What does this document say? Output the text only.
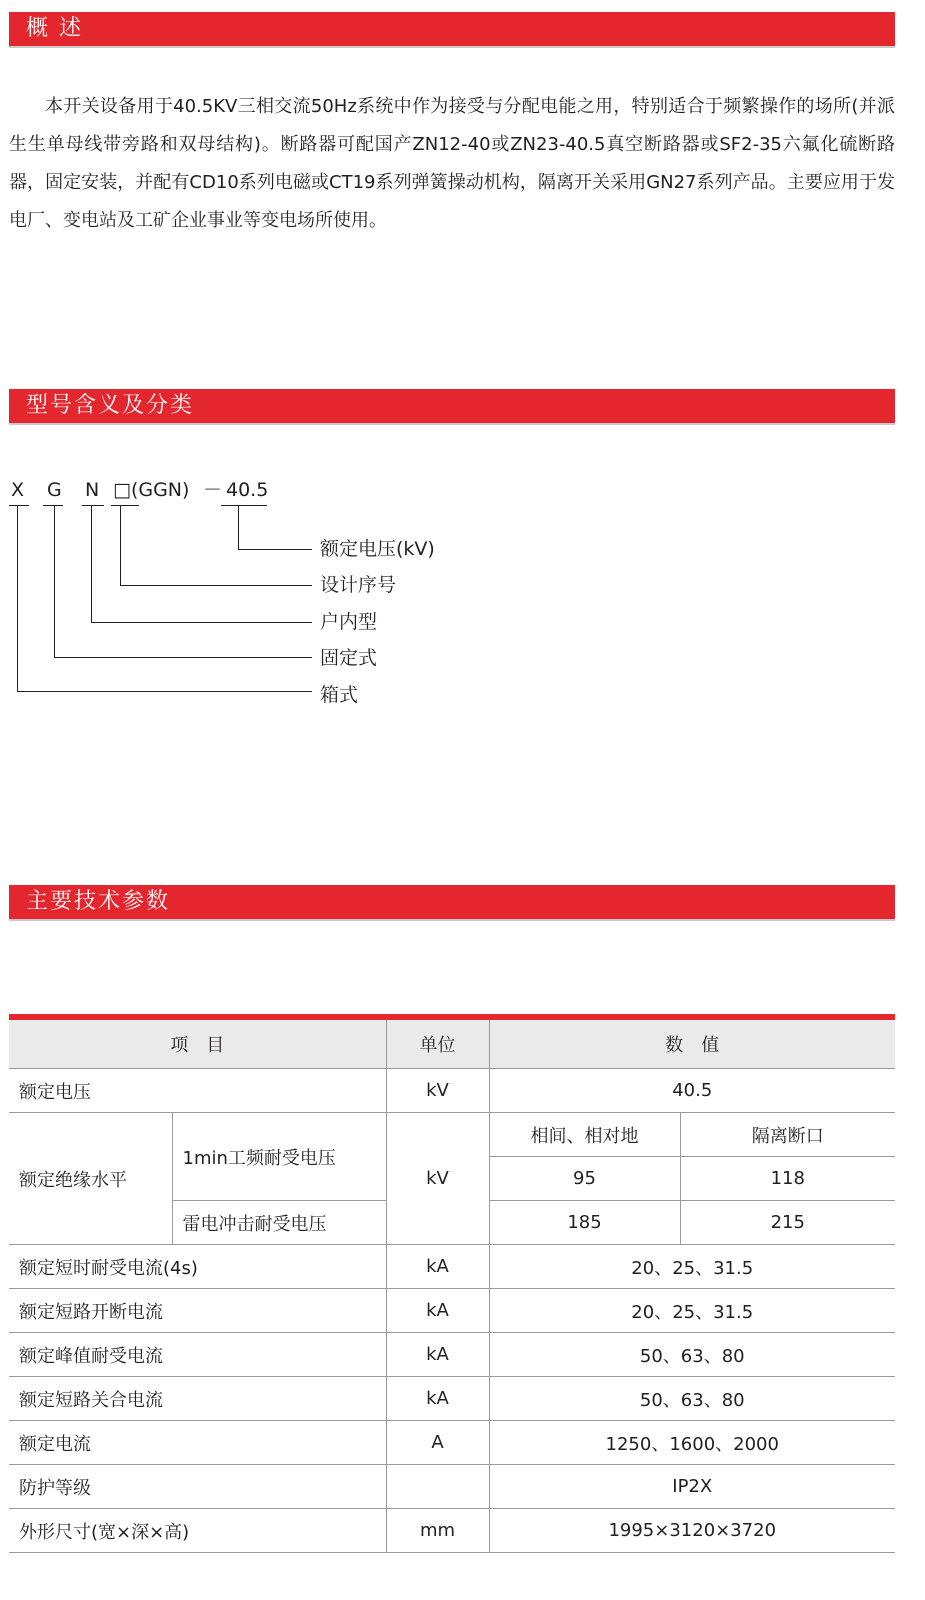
概 述

本开关设备用于40.5KV三相交流50Hz系统中作为接受与分配电能之用，特别适合于频繁操作的场所(并派生生单母线带旁路和双母结构)。断路器可配国产ZN12-40或ZN23-40.5真空断路器或SF2-35六氟化硫断路器，固定安装，并配有CD10系列电磁或CT19系列弹簧操动机构，隔离开关采用GN27系列产品。主要应用于发电厂、变电站及工矿企业事业等变电场所使用。

型号含义及分类
X G N □(GGN) － 40.5
额定电压(kV)
设计序号
户内型
固定式
箱式
主要技术参数
项　目		单位	数　值	
额定电压		kV	40.5	
额定绝缘水平	1min工频耐受电压	kV	相间、相对地	隔离断口
			95	118
	雷电冲击耐受电压		185	215
额定短时耐受电流(4s)		kA	20、25、31.5	
额定短路开断电流		kA	20、25、31.5	
额定峰值耐受电流		kA	50、63、80	
额定短路关合电流		kA	50、63、80	
额定电流		A	1250、1600、2000	
防护等级			IP2X	
外形尺寸(宽×深×高)		mm	1995×3120×3720	
